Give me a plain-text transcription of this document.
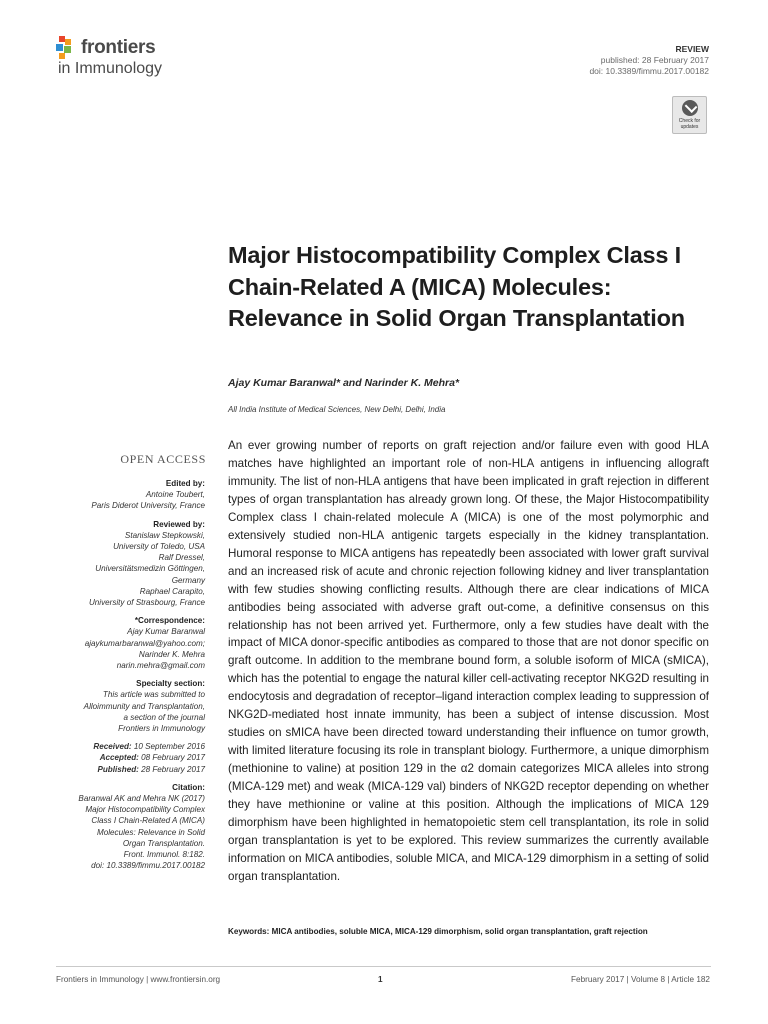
frontiers
in Immunology
REVIEW
published: 28 February 2017
doi: 10.3389/fimmu.2017.00182
Check for
updates
Major Histocompatibility Complex Class I Chain-Related A (MICA) Molecules: Relevance in Solid Organ Transplantation
Ajay Kumar Baranwal* and Narinder K. Mehra*
All India Institute of Medical Sciences, New Delhi, Delhi, India
OPEN ACCESS
Edited by:
Antoine Toubert,
Paris Diderot University, France
Reviewed by:
Stanislaw Stepkowski,
University of Toledo, USA
Ralf Dressel,
Universitätsmedizin Göttingen,
Germany
Raphael Carapito,
University of Strasbourg, France
*Correspondence:
Ajay Kumar Baranwal
ajaykumarbaranwal@yahoo.com;
Narinder K. Mehra
narin.mehra@gmail.com
Specialty section:
This article was submitted to
Alloimmunity and Transplantation,
a section of the journal
Frontiers in Immunology
Received: 10 September 2016
Accepted: 08 February 2017
Published: 28 February 2017
Citation:
Baranwal AK and Mehra NK (2017)
Major Histocompatibility Complex
Class I Chain-Related A (MICA)
Molecules: Relevance in Solid
Organ Transplantation.
Front. Immunol. 8:182.
doi: 10.3389/fimmu.2017.00182
An ever growing number of reports on graft rejection and/or failure even with good HLA matches have highlighted an important role of non-HLA antigens in influencing allograft immunity. The list of non-HLA antigens that have been implicated in graft rejection in different types of organ transplantation has already grown long. Of these, the Major Histocompatibility Complex class I chain-related molecule A (MICA) is one of the most polymorphic and extensively studied non-HLA antigenic targets especially in the kidney transplantation. Humoral response to MICA antigens has repeatedly been associated with lower graft survival and an increased risk of acute and chronic rejection following kidney and liver transplantation with few studies showing conflicting results. Although there are clear indications of MICA antibodies being associated with adverse graft out-come, a definitive consensus on this relationship has not been arrived yet. Furthermore, only a few studies have dealt with the impact of MICA donor-specific antibodies as compared to those that are not donor specific on graft outcome. In addition to the membrane bound form, a soluble isoform of MICA (sMICA), which has the potential to engage the natural killer cell-activating receptor NKG2D resulting in endocytosis and degradation of receptor–ligand interaction complex leading to suppression of NKG2D-mediated host innate immunity, has been a subject of intense discussion. Most studies on sMICA have been directed toward understanding their influence on tumor growth, with limited literature focusing its role in transplant biology. Furthermore, a unique dimorphism (methionine to valine) at position 129 in the α2 domain categorizes MICA alleles into strong (MICA-129 met) and weak (MICA-129 val) binders of NKG2D receptor depending on whether they have methionine or valine at this position. Although the implications of MICA 129 dimorphism have been highlighted in hematopoietic stem cell transplantation, its role in solid organ transplantation is yet to be explored. This review summarizes the currently available information on MICA antibodies, soluble MICA, and MICA-129 dimorphism in a setting of solid organ transplantation.
Keywords: MICA antibodies, soluble MICA, MICA-129 dimorphism, solid organ transplantation, graft rejection
Frontiers in Immunology | www.frontiersin.org	1	February 2017 | Volume 8 | Article 182
